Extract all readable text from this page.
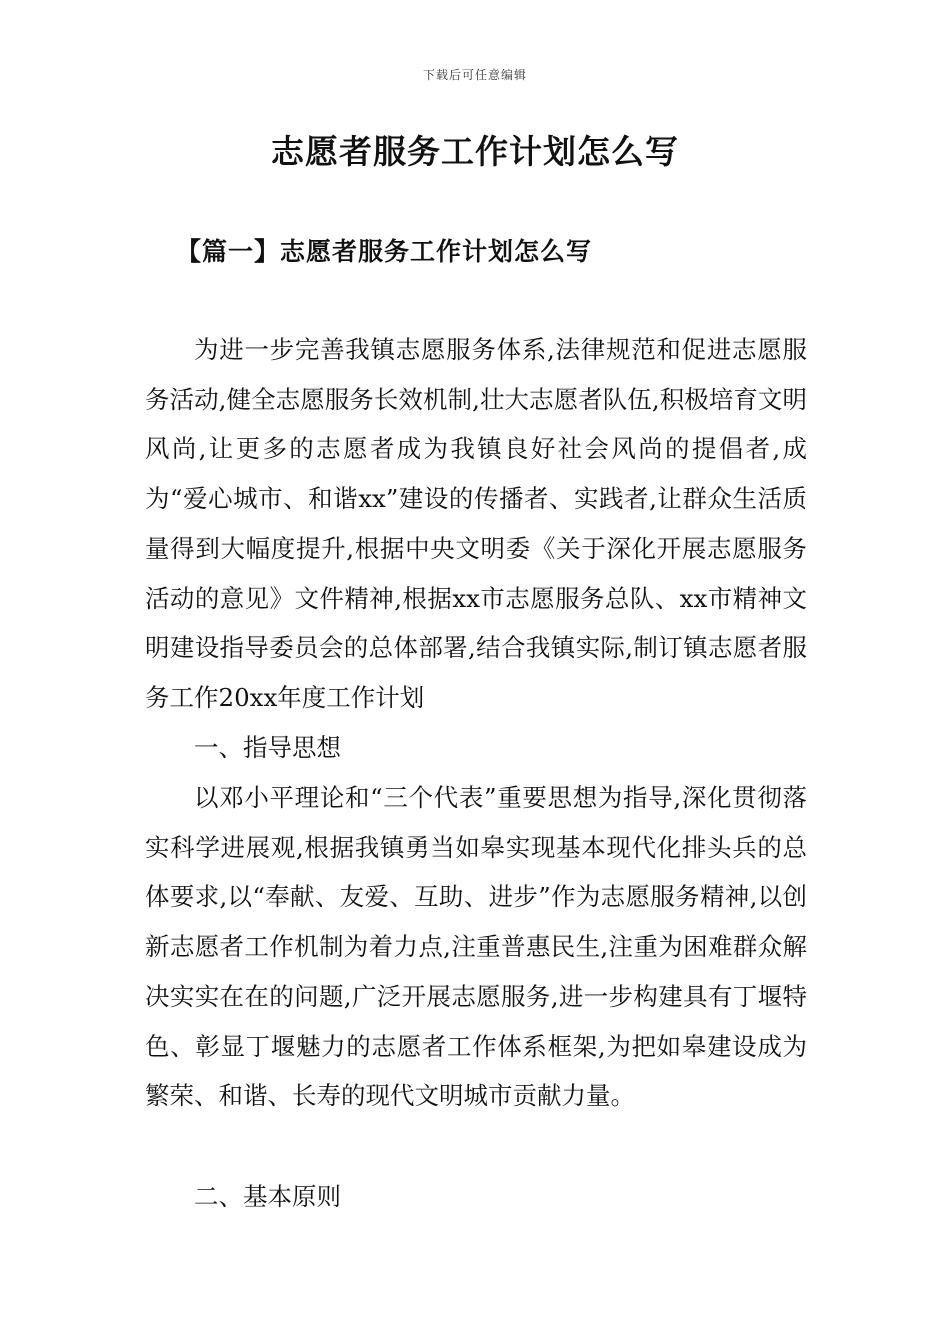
下载后可任意编辑
志愿者服务工作计划怎么写
【篇一】志愿者服务工作计划怎么写

为进一步完善我镇志愿服务体系,法律规范和促进志愿服务活动,健全志愿服务长效机制,壮大志愿者队伍,积极培育文明风尚,让更多的志愿者成为我镇良好社会风尚的提倡者,成为“爱心城市、和谐xx”建设的传播者、实践者,让群众生活质量得到大幅度提升,根据中央文明委《关于深化开展志愿服务活动的意见》文件精神,根据xx市志愿服务总队、xx市精神文明建设指导委员会的总体部署,结合我镇实际,制订镇志愿者服务工作20xx年度工作计划

一、指导思想

以邓小平理论和“三个代表”重要思想为指导,深化贯彻落实科学进展观,根据我镇勇当如皋实现基本现代化排头兵的总体要求,以“奉献、友爱、互助、进步”作为志愿服务精神,以创新志愿者工作机制为着力点,注重普惠民生,注重为困难群众解决实实在在的问题,广泛开展志愿服务,进一步构建具有丁堰特色、彰显丁堰魅力的志愿者工作体系框架,为把如皋建设成为繁荣、和谐、长寿的现代文明城市贡献力量。

二、基本原则
